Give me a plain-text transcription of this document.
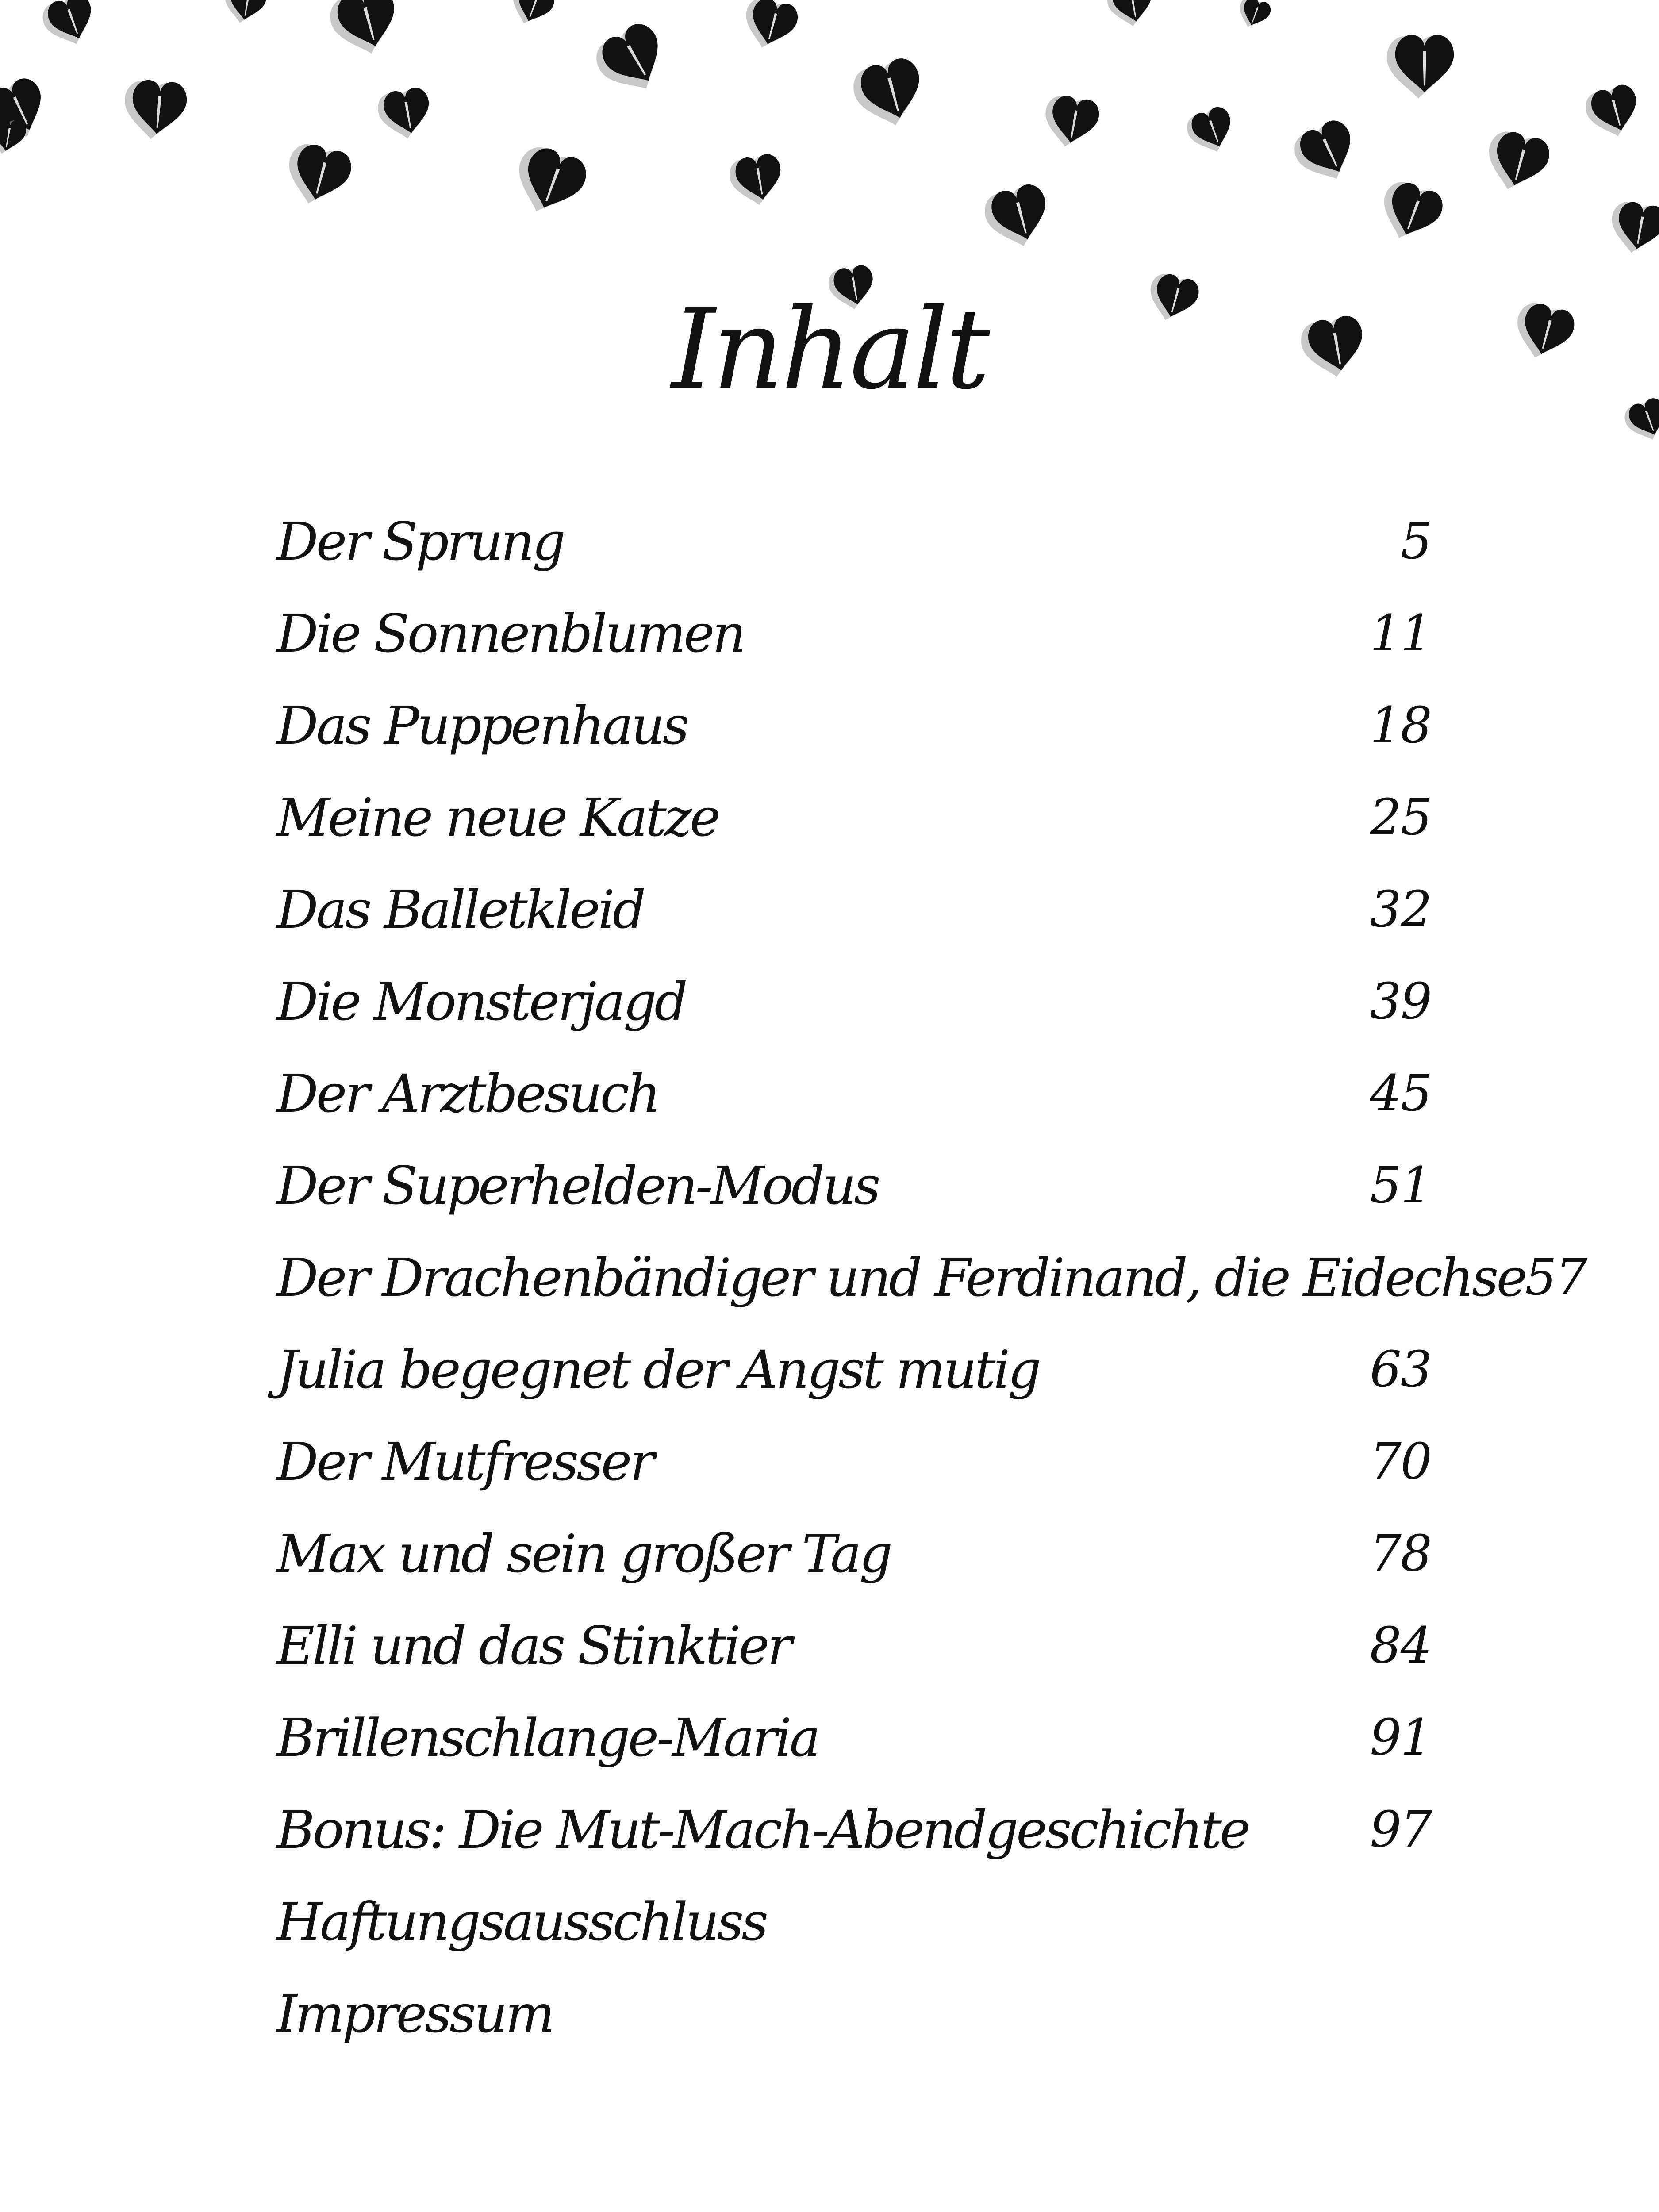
Inhalt
Der Sprung	5
Die Sonnenblumen	11
Das Puppenhaus	18
Meine neue Katze	25
Das Balletkleid	32
Die Monsterjagd	39
Der Arztbesuch	45
Der Superhelden-Modus	51
Der Drachenbändiger und Ferdinand, die Eidechse 57
Julia begegnet der Angst mutig	63
Der Mutfresser	70
Max und sein großer Tag	78
Elli und das Stinktier	84
Brillenschlange-Maria	91
Bonus: Die Mut-Mach-Abendgeschichte 97
Haftungsausschluss
Impressum
